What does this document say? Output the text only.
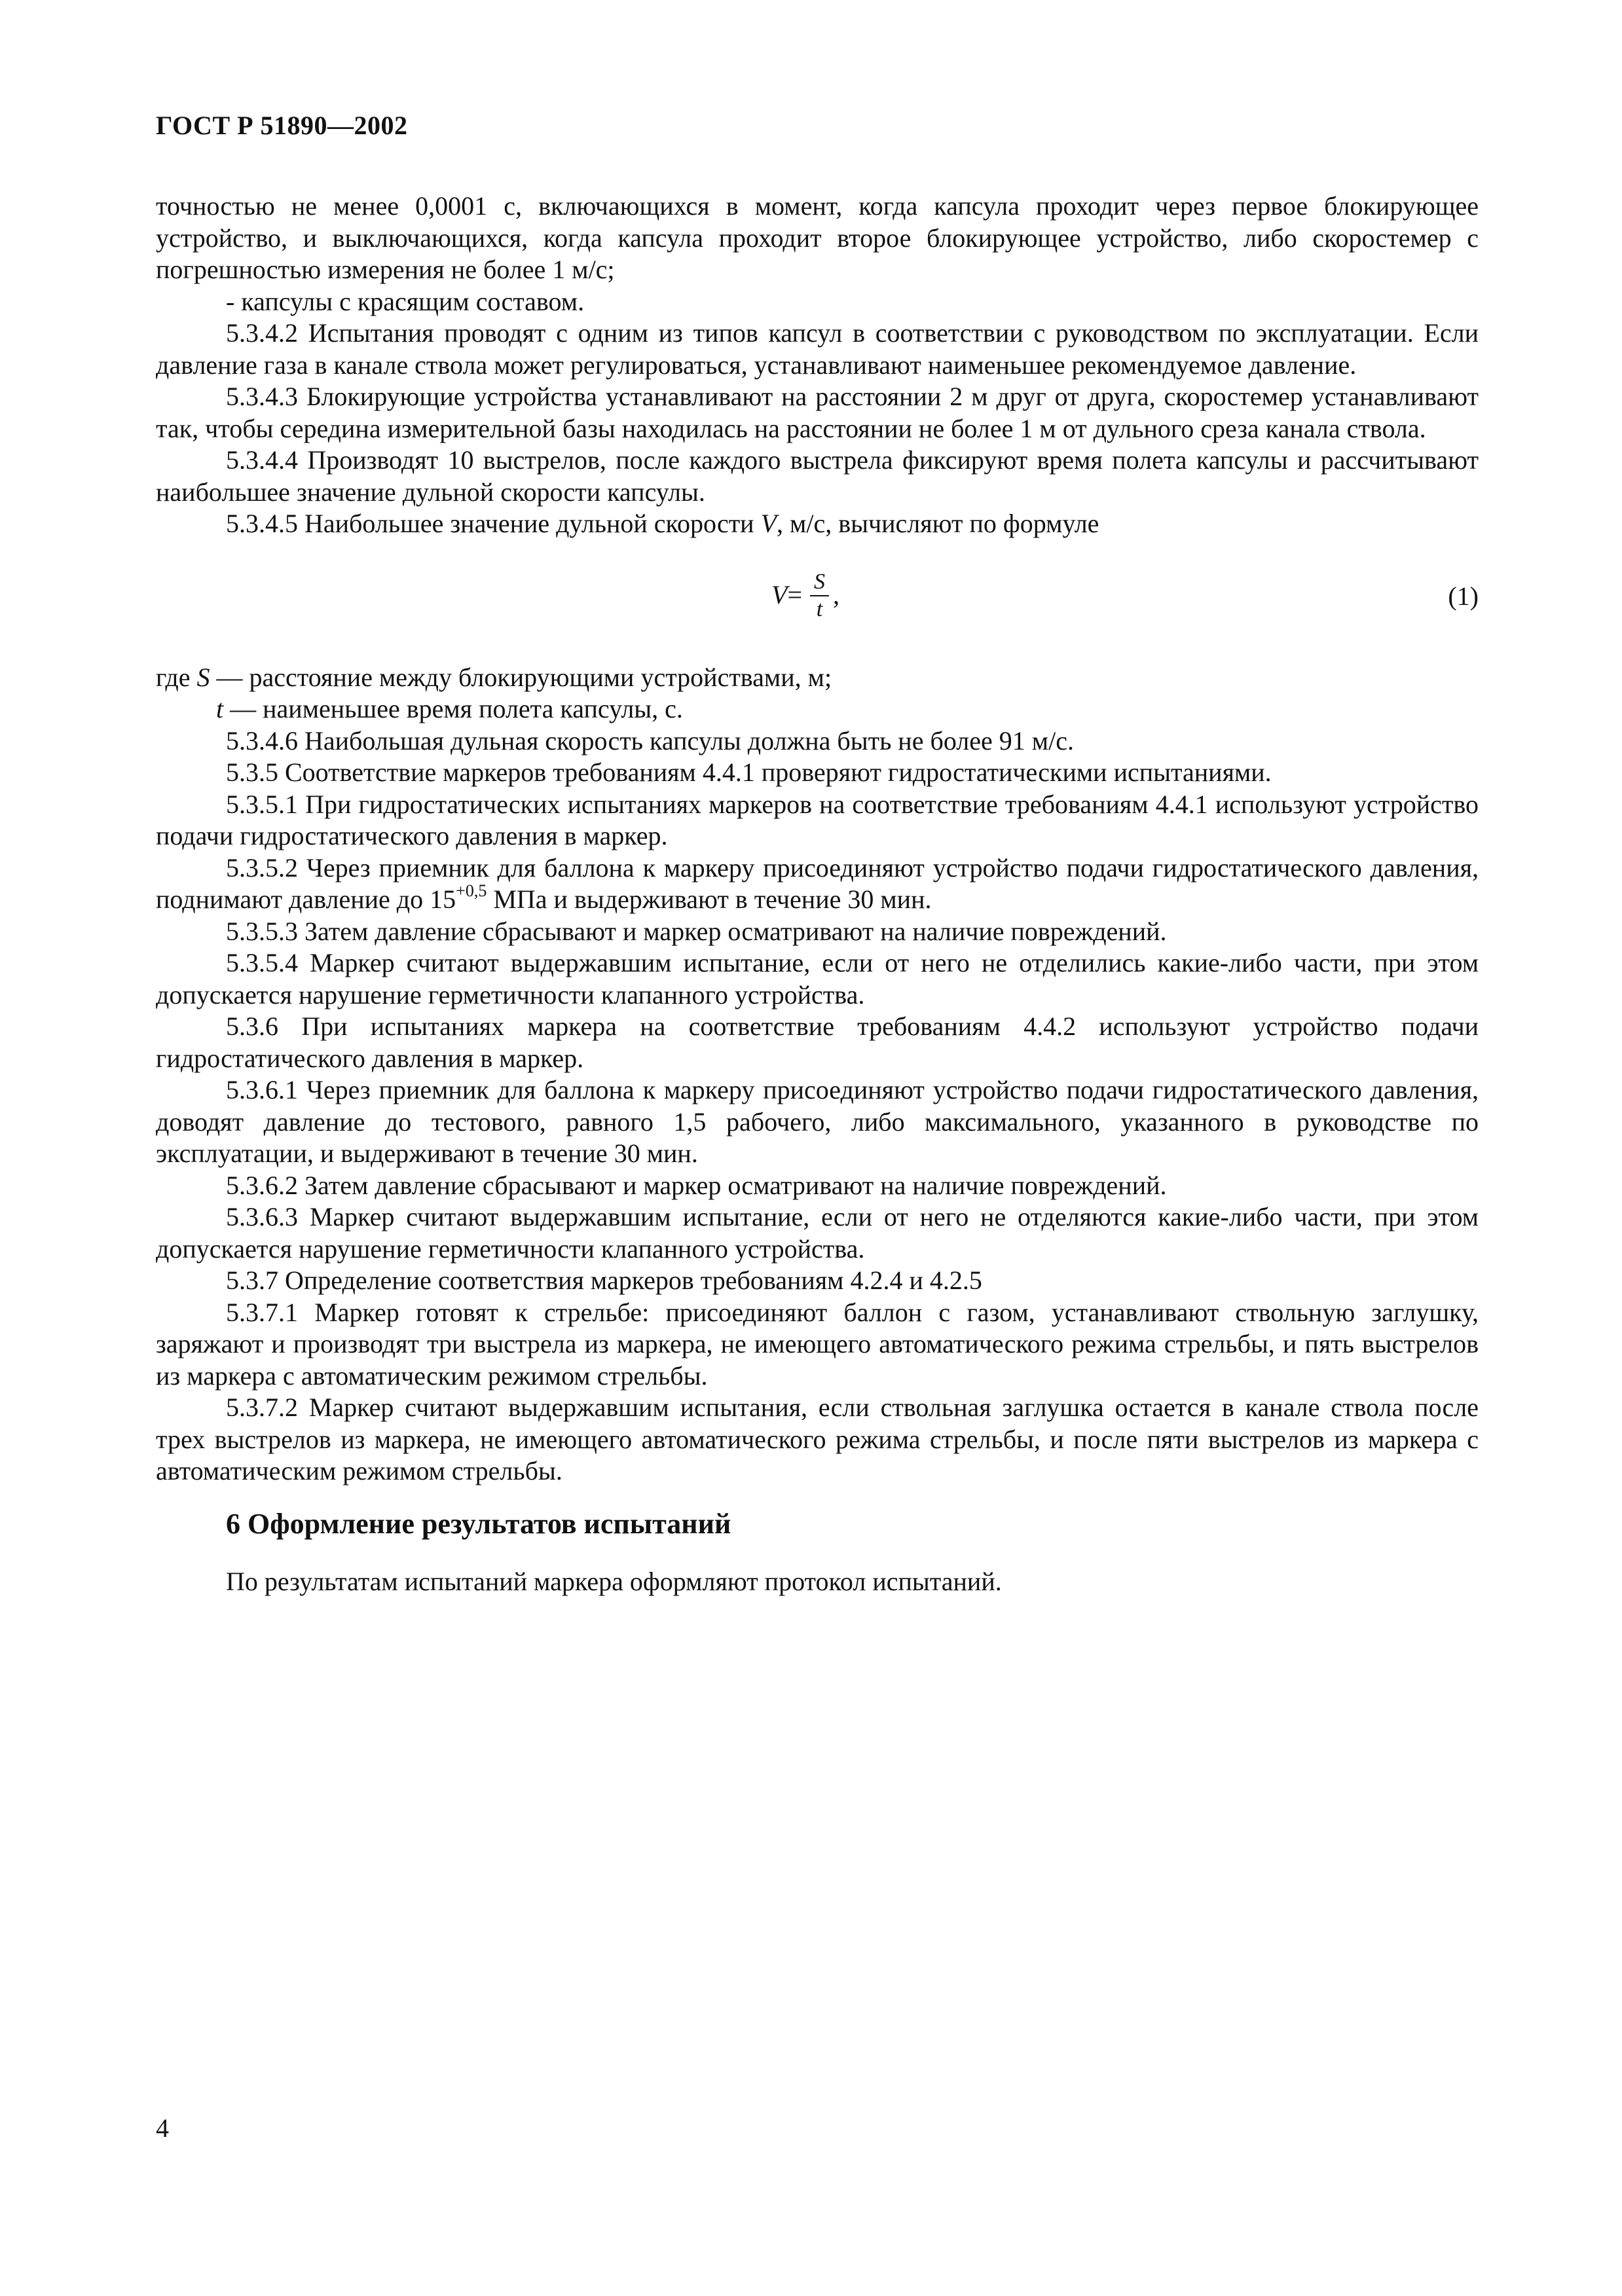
ГОСТ Р 51890—2002

точностью не менее 0,0001 с, включающихся в момент, когда капсула проходит через первое блокирующее устройство, и выключающихся, когда капсула проходит второе блокирующее устройство, либо скоростемер с погрешностью измерения не более 1 м/с;

- капсулы с красящим составом.

5.3.4.2 Испытания проводят с одним из типов капсул в соответствии с руководством по эксплуатации. Если давление газа в канале ствола может регулироваться, устанавливают наименьшее рекомендуемое давление.

5.3.4.3 Блокирующие устройства устанавливают на расстоянии 2 м друг от друга, скоростемер устанавливают так, чтобы середина измерительной базы находилась на расстоянии не более 1 м от дульного среза канала ствола.

5.3.4.4 Производят 10 выстрелов, после каждого выстрела фиксируют время полета капсулы и рассчитывают наибольшее значение дульной скорости капсулы.

5.3.4.5 Наибольшее значение дульной скорости V, м/с, вычисляют по формуле

$V = \frac{S}{t}$ ,	(1)

где S — расстояние между блокирующими устройствами, м;

t — наименьшее время полета капсулы, с.

5.3.4.6 Наибольшая дульная скорость капсулы должна быть не более 91 м/с.

5.3.5 Соответствие маркеров требованиям 4.4.1 проверяют гидростатическими испытаниями.

5.3.5.1 При гидростатических испытаниях маркеров на соответствие требованиям 4.4.1 используют устройство подачи гидростатического давления в маркер.

5.3.5.2 Через приемник для баллона к маркеру присоединяют устройство подачи гидростатического давления, поднимают давление до $15^{+0,5}$ МПа и выдерживают в течение 30 мин.

5.3.5.3 Затем давление сбрасывают и маркер осматривают на наличие повреждений.

5.3.5.4 Маркер считают выдержавшим испытание, если от него не отделились какие-либо части, при этом допускается нарушение герметичности клапанного устройства.

5.3.6 При испытаниях маркера на соответствие требованиям 4.4.2 используют устройство подачи гидростатического давления в маркер.

5.3.6.1 Через приемник для баллона к маркеру присоединяют устройство подачи гидростатического давления, доводят давление до тестового, равного 1,5 рабочего, либо максимального, указанного в руководстве по эксплуатации, и выдерживают в течение 30 мин.

5.3.6.2 Затем давление сбрасывают и маркер осматривают на наличие повреждений.

5.3.6.3 Маркер считают выдержавшим испытание, если от него не отделяются какие-либо части, при этом допускается нарушение герметичности клапанного устройства.

5.3.7 Определение соответствия маркеров требованиям 4.2.4 и 4.2.5

5.3.7.1 Маркер готовят к стрельбе: присоединяют баллон с газом, устанавливают ствольную заглушку, заряжают и производят три выстрела из маркера, не имеющего автоматического режима стрельбы, и пять выстрелов из маркера с автоматическим режимом стрельбы.

5.3.7.2 Маркер считают выдержавшим испытания, если ствольная заглушка остается в канале ствола после трех выстрелов из маркера, не имеющего автоматического режима стрельбы, и после пяти выстрелов из маркера с автоматическим режимом стрельбы.

6 Оформление результатов испытаний

По результатам испытаний маркера оформляют протокол испытаний.

4
